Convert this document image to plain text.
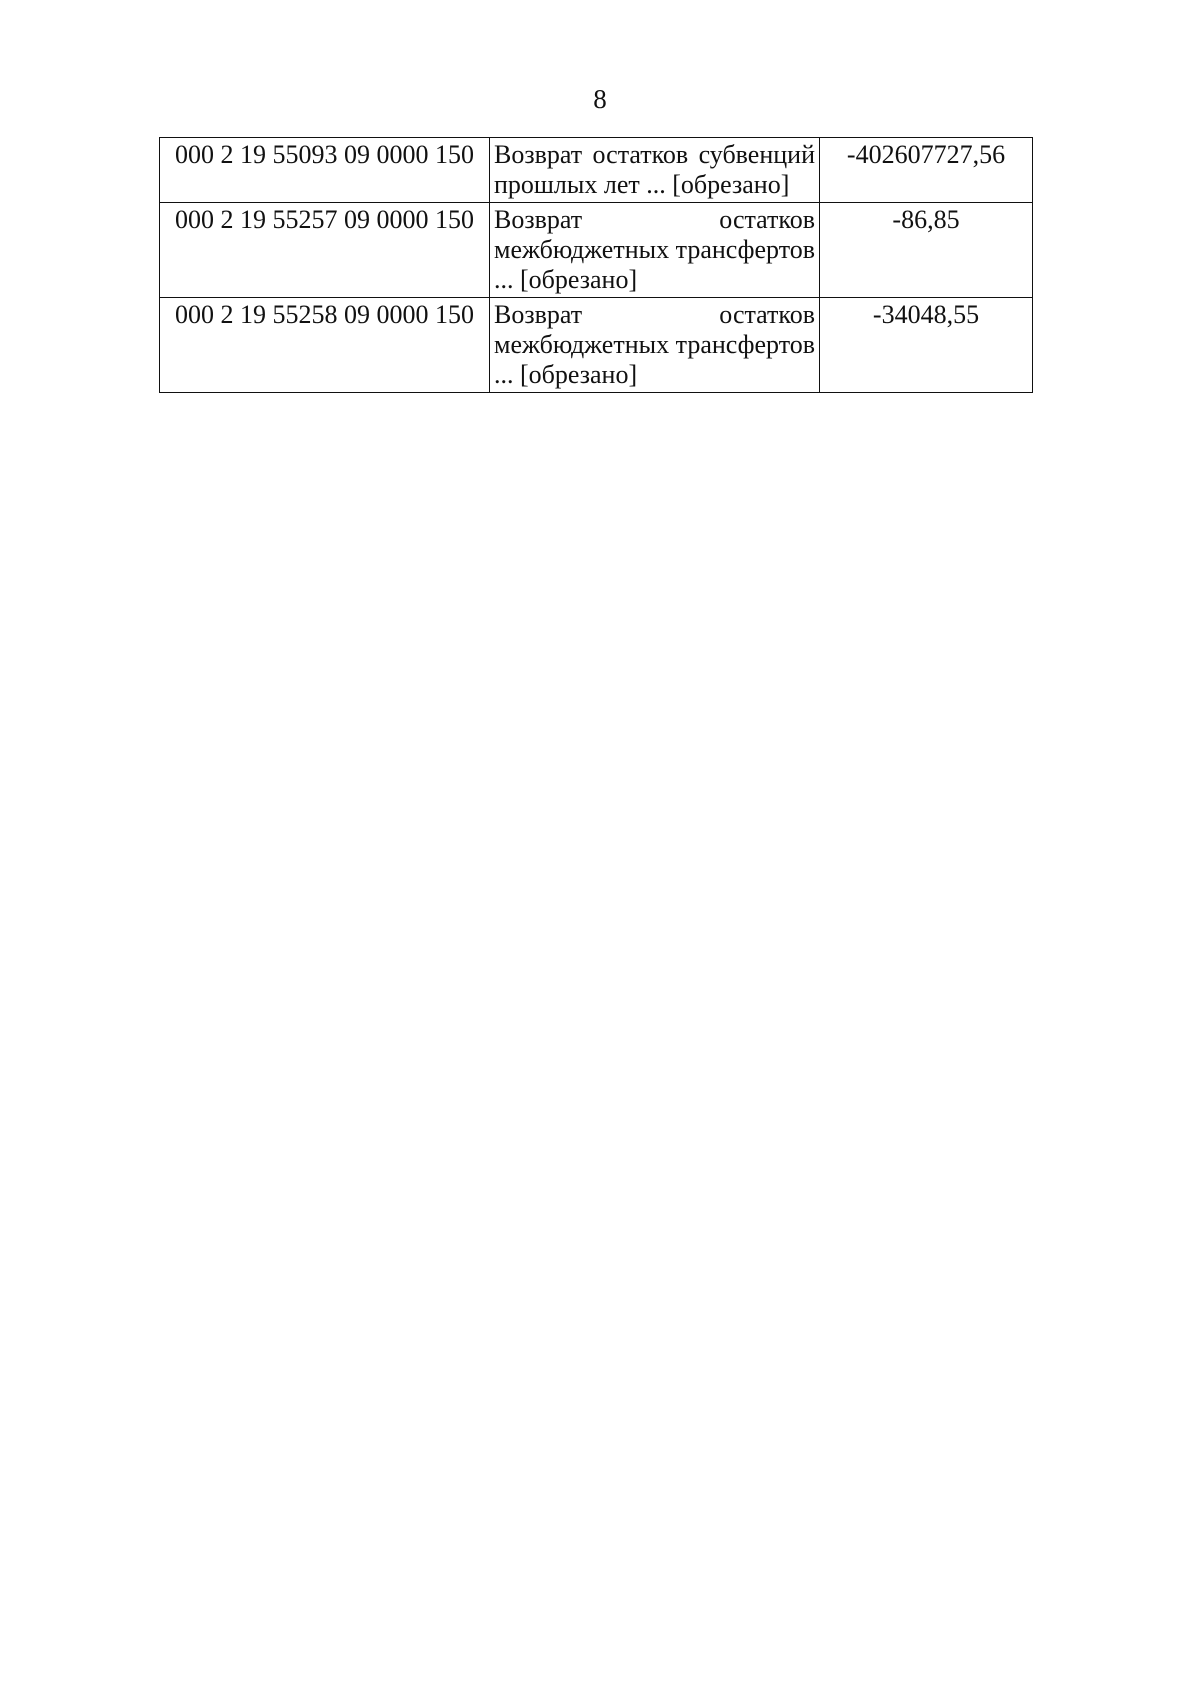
8
000 2 19 55093 09 0000 150	Возврат остатков субвенций прошлых лет ... [обрезано]	-402607727,56
000 2 19 55257 09 0000 150	Возврат остатков межбюджетных трансфертов ... [обрезано]	-86,85
000 2 19 55258 09 0000 150	Возврат остатков межбюджетных трансфертов ... [обрезано]	-34048,55
